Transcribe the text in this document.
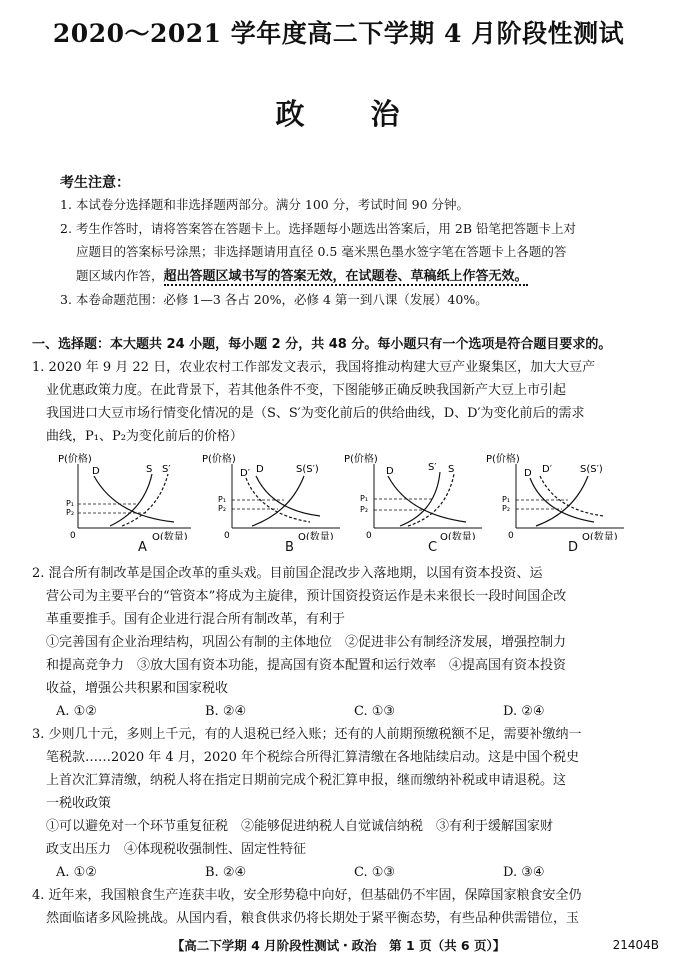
2020～2021 学年度高二下学期 4 月阶段性测试
政 治
考生注意：

1. 本试卷分选择题和非选择题两部分。满分 100 分，考试时间 90 分钟。

2. 考生作答时，请将答案答在答题卡上。选择题每小题选出答案后，用 2B 铅笔把答题卡上对

应题目的答案标号涂黑；非选择题请用直径 0.5 毫米黑色墨水签字笔在答题卡上各题的答

题区域内作答，超出答题区域书写的答案无效，在试题卷、草稿纸上作答无效。

3. 本卷命题范围：必修 1—3 各占 20%，必修 4 第一到八课（发展）40%。

一、选择题：本大题共 24 小题，每小题 2 分，共 48 分。每小题只有一个选项是符合题目要求的。

1. 2020 年 9 月 22 日，农业农村工作部发文表示，我国将推动构建大豆产业聚集区，加大大豆产

业优惠政策力度。在此背景下，若其他条件不变，下图能够正确反映我国新产大豆上市引起

我国进口大豆市场行情变化情况的是（S、S′为变化前后的供给曲线，D、D′为变化前后的需求

曲线，P₁、P₂为变化前后的价格）

P(价格)
0	Q(数量)
P₁
P₂
D	S S′
A
P(价格)
0	Q(数量)
P₁
P₂
D′ D	S(S′)
B
P(价格)
0	Q(数量)
P₁
P₂
D	S′ S
C
P(价格)
0	Q(数量)
P₁
P₂
D D′	S(S′)
D

2. 混合所有制改革是国企改革的重头戏。目前国企混改步入落地期，以国有资本投资、运

营公司为主要平台的“管资本”将成为主旋律，预计国资投资运作是未来很长一段时间国企改

革重要推手。国有企业进行混合所有制改革，有利于

①完善国有企业治理结构，巩固公有制的主体地位　②促进非公有制经济发展，增强控制力

和提高竞争力　③放大国有资本功能，提高国有资本配置和运行效率　④提高国有资本投资

收益，增强公共积累和国家税收

A. ①②	B. ②④	C. ①③	D. ②④

3. 少则几十元，多则上千元，有的人退税已经入账；还有的人前期预缴税额不足，需要补缴纳一

笔税款……2020 年 4 月，2020 年个税综合所得汇算清缴在各地陆续启动。这是中国个税史

上首次汇算清缴，纳税人将在指定日期前完成个税汇算申报，继而缴纳补税或申请退税。这

一税收政策

①可以避免对一个环节重复征税　②能够促进纳税人自觉诚信纳税　③有利于缓解国家财

政支出压力　④体现税收强制性、固定性特征

A. ①②	B. ②④	C. ①③	D. ③④

4. 近年来，我国粮食生产连获丰收，安全形势稳中向好，但基础仍不牢固，保障国家粮食安全仍

然面临诸多风险挑战。从国内看，粮食供求仍将长期处于紧平衡态势，有些品种供需错位，玉

【高二下学期 4 月阶段性测试・政治　第 1 页（共 6 页）】	21404B
